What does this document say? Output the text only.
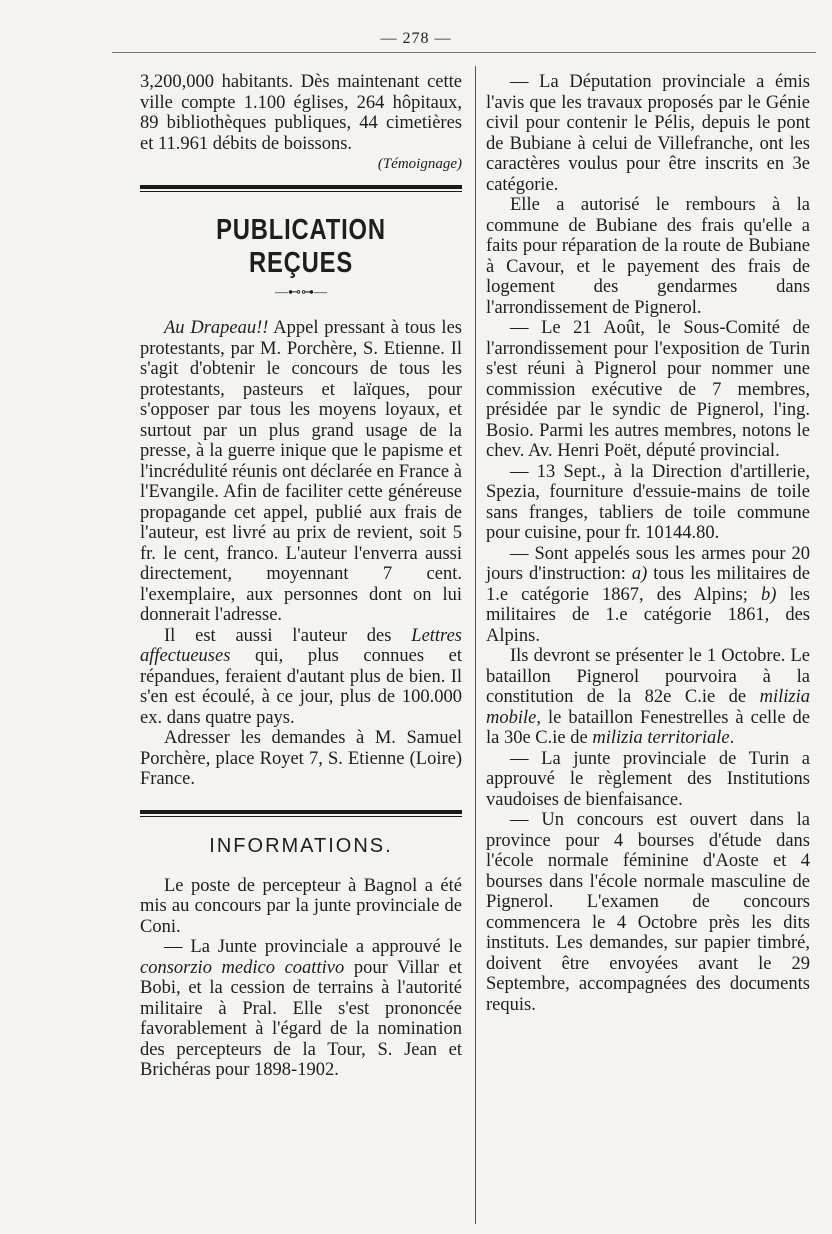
— 278 —

3,200,000 habitants. Dès maintenant cette ville compte 1.100 églises, 264 hôpitaux, 89 bibliothèques publiques, 44 cimetières et 11.961 débits de boissons.

(Témoignage)
PUBLICATION REÇUES
—⊷⊶—

Au Drapeau!! Appel pressant à tous les protestants, par M. Porchère, S. Etienne. Il s'agit d'obtenir le concours de tous les protestants, pasteurs et laïques, pour s'opposer par tous les moyens loyaux, et surtout par un plus grand usage de la presse, à la guerre inique que le papisme et l'incrédulité réunis ont déclarée en France à l'Evangile. Afin de faciliter cette généreuse propagande cet appel, publié aux frais de l'auteur, est livré au prix de revient, soit 5 fr. le cent, franco. L'auteur l'enverra aussi directement, moyennant 7 cent. l'exemplaire, aux personnes dont on lui donnerait l'adresse.

Il est aussi l'auteur des Lettres affectueuses qui, plus connues et répandues, feraient d'autant plus de bien. Il s'en est écoulé, à ce jour, plus de 100.000 ex. dans quatre pays.

Adresser les demandes à M. Samuel Porchère, place Royet 7, S. Etienne (Loire) France.

INFORMATIONS.

Le poste de percepteur à Bagnol a été mis au concours par la junte provinciale de Coni.

— La Junte provinciale a approuvé le consorzio medico coattivo pour Villar et Bobi, et la cession de terrains à l'autorité militaire à Pral. Elle s'est prononcée favorablement à l'égard de la nomination des percepteurs de la Tour, S. Jean et Brichéras pour 1898-1902.

— La Députation provinciale a émis l'avis que les travaux proposés par le Génie civil pour contenir le Pélis, depuis le pont de Bubiane à celui de Villefranche, ont les caractères voulus pour être inscrits en 3e catégorie.

Elle a autorisé le rembours à la commune de Bubiane des frais qu'elle a faits pour réparation de la route de Bubiane à Cavour, et le payement des frais de logement des gendarmes dans l'arrondissement de Pignerol.

— Le 21 Août, le Sous-Comité de l'arrondissement pour l'exposition de Turin s'est réuni à Pignerol pour nommer une commission exécutive de 7 membres, présidée par le syndic de Pignerol, l'ing. Bosio. Parmi les autres membres, notons le chev. Av. Henri Poët, député provincial.

— 13 Sept., à la Direction d'artillerie, Spezia, fourniture d'essuie-mains de toile sans franges, tabliers de toile commune pour cuisine, pour fr. 10144.80.

— Sont appelés sous les armes pour 20 jours d'instruction: a) tous les militaires de 1.e catégorie 1867, des Alpins; b) les militaires de 1.e catégorie 1861, des Alpins.

Ils devront se présenter le 1 Octobre. Le bataillon Pignerol pourvoira à la constitution de la 82e C.ie de milizia mobile, le bataillon Fenestrelles à celle de la 30e C.ie de milizia territoriale.

— La junte provinciale de Turin a approuvé le règlement des Institutions vaudoises de bienfaisance.

— Un concours est ouvert dans la province pour 4 bourses d'étude dans l'école normale féminine d'Aoste et 4 bourses dans l'école normale masculine de Pignerol. L'examen de concours commencera le 4 Octobre près les dits instituts. Les demandes, sur papier timbré, doivent être envoyées avant le 29 Septembre, accompagnées des documents requis.
